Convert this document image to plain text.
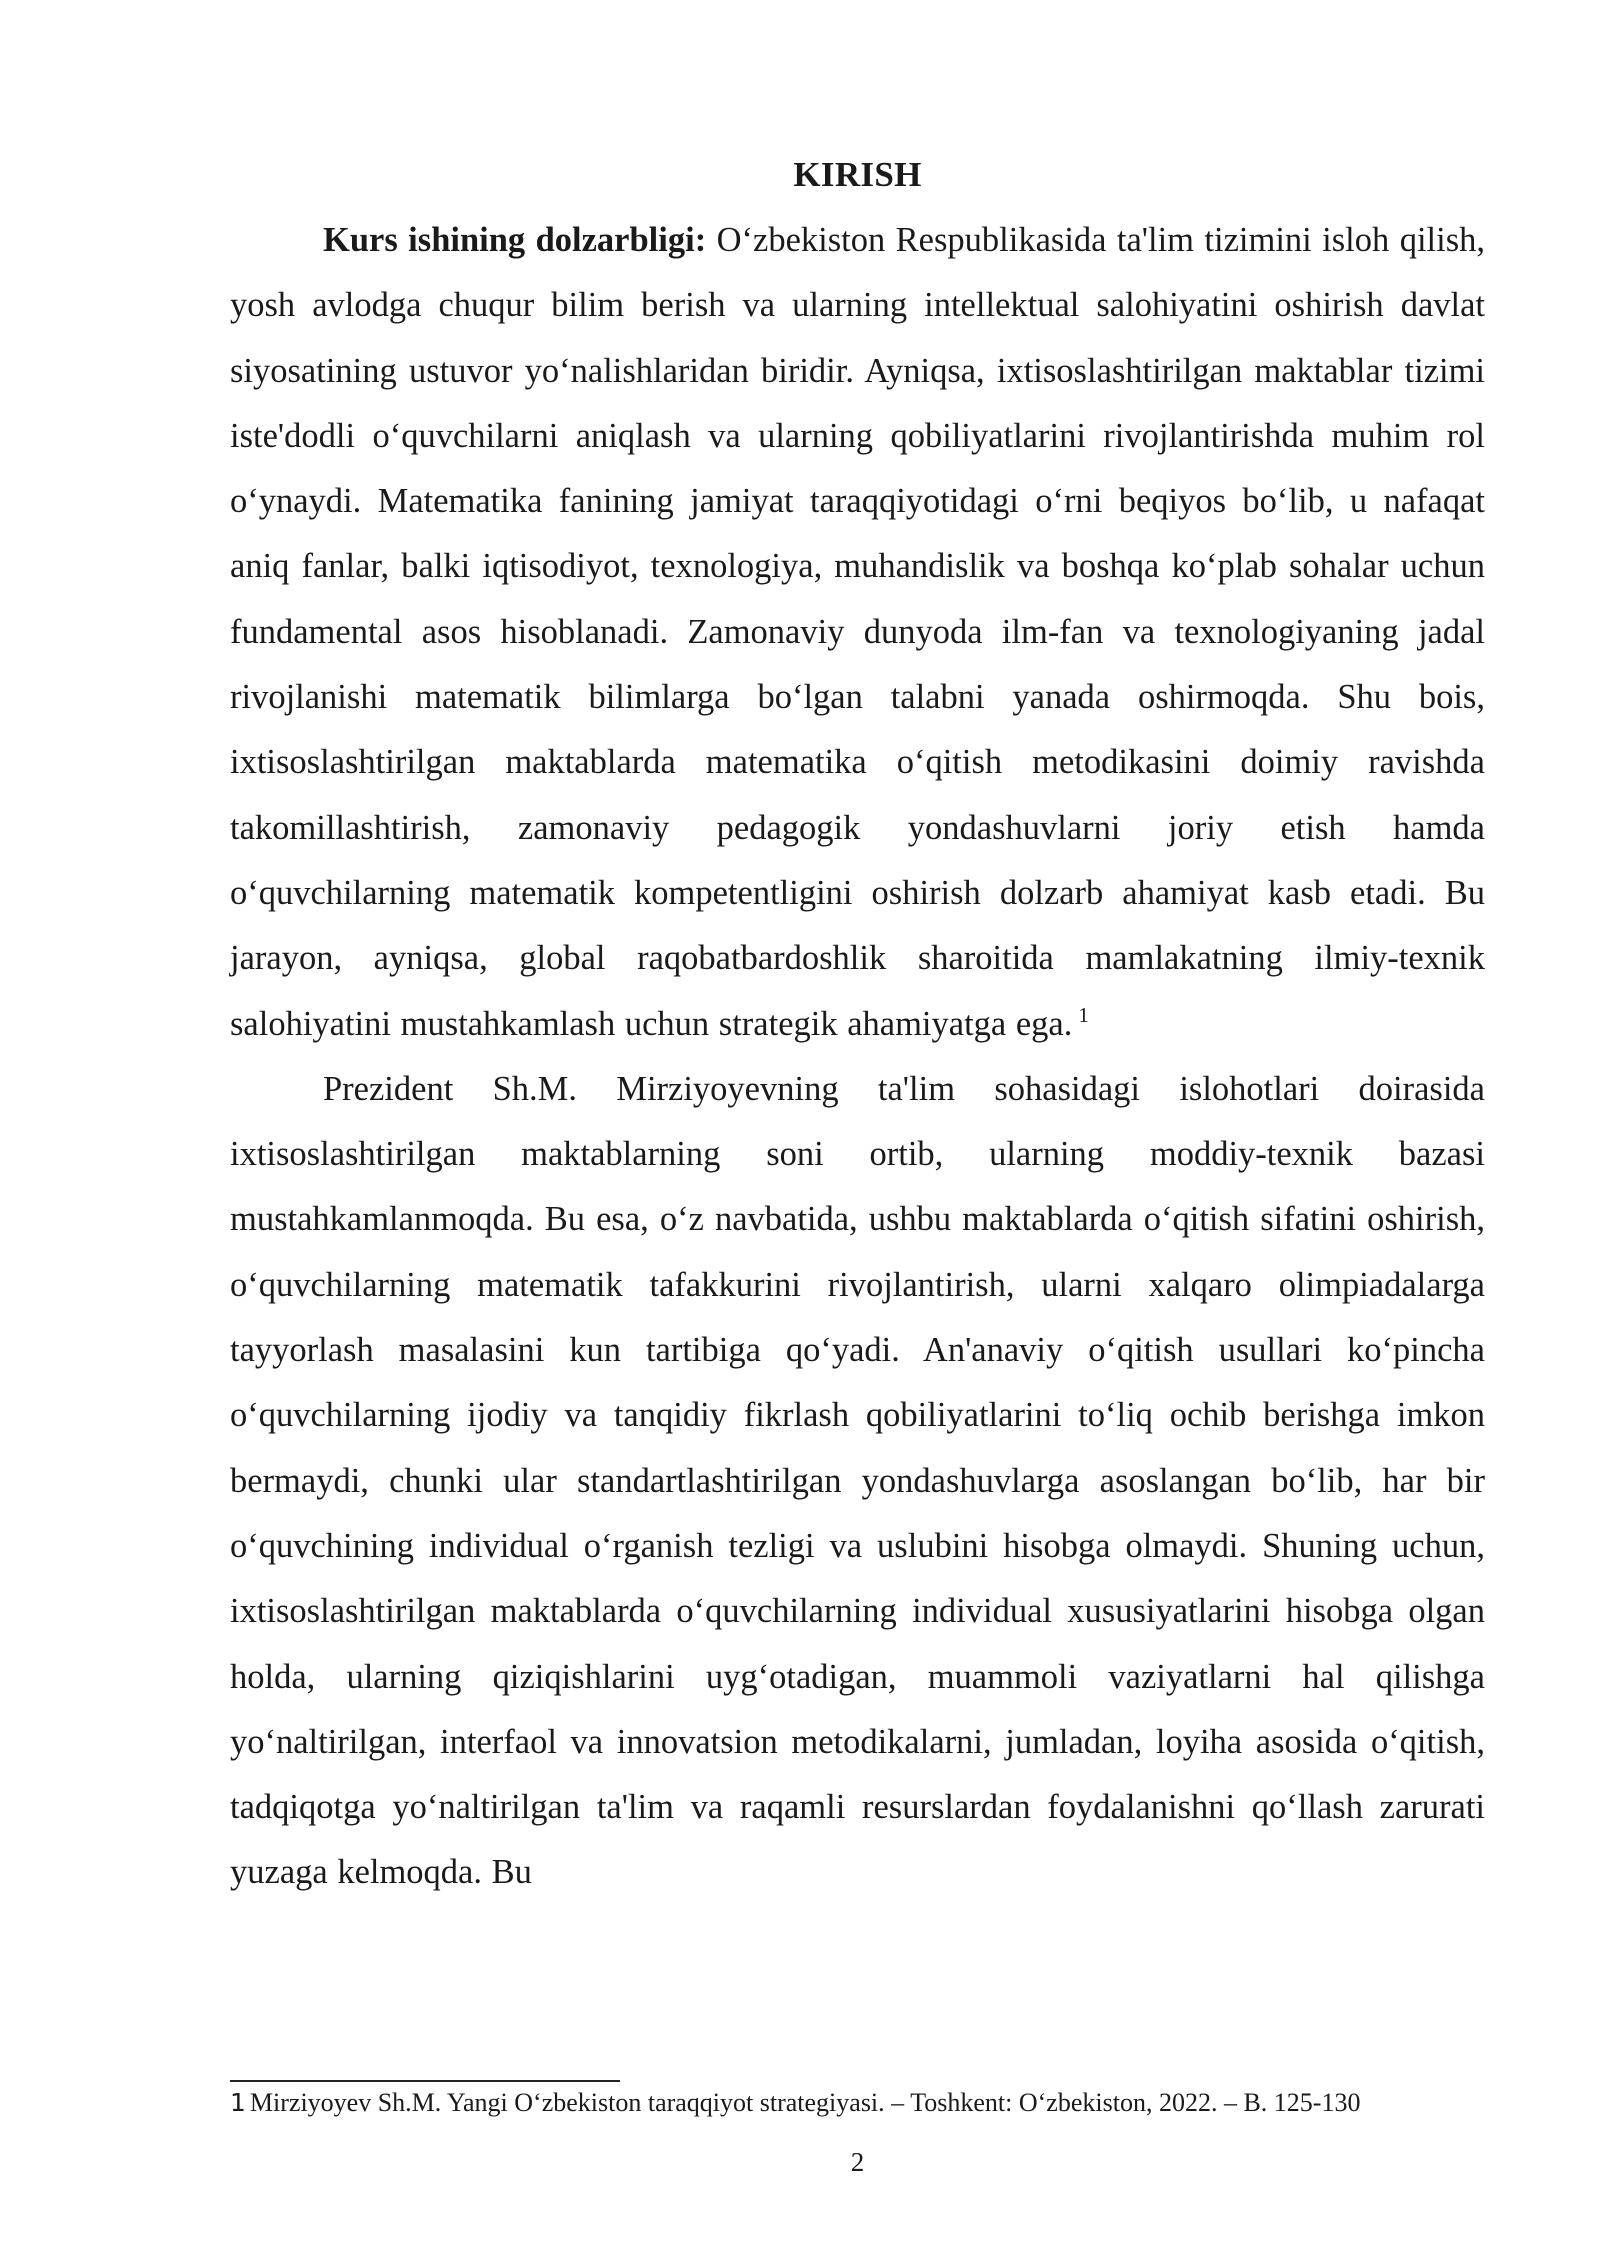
KIRISH

Kurs ishining dolzarbligi: O‘zbekiston Respublikasida ta'lim tizimini isloh qilish, yosh avlodga chuqur bilim berish va ularning intellektual salohiyatini oshirish davlat siyosatining ustuvor yo‘nalishlaridan biridir. Ayniqsa, ixtisoslashtirilgan maktablar tizimi iste'dodli o‘quvchilarni aniqlash va ularning qobiliyatlarini rivojlantirishda muhim rol o‘ynaydi. Matematika fanining jamiyat taraqqiyotidagi o‘rni beqiyos bo‘lib, u nafaqat aniq fanlar, balki iqtisodiyot, texnologiya, muhandislik va boshqa ko‘plab sohalar uchun fundamental asos hisoblanadi. Zamonaviy dunyoda ilm-fan va texnologiyaning jadal rivojlanishi matematik bilimlarga bo‘lgan talabni yanada oshirmoqda. Shu bois, ixtisoslashtirilgan maktablarda matematika o‘qitish metodikasini doimiy ravishda takomillashtirish, zamonaviy pedagogik yondashuvlarni joriy etish hamda o‘quvchilarning matematik kompetentligini oshirish dolzarb ahamiyat kasb etadi. Bu jarayon, ayniqsa, global raqobatbardoshlik sharoitida mamlakatning ilmiy-texnik salohiyatini mustahkamlash uchun strategik ahamiyatga ega. $^1$

Prezident Sh.M. Mirziyoyevning ta'lim sohasidagi islohotlari doirasida ixtisoslashtirilgan maktablarning soni ortib, ularning moddiy-texnik bazasi mustahkamlanmoqda. Bu esa, o‘z navbatida, ushbu maktablarda o‘qitish sifatini oshirish, o‘quvchilarning matematik tafakkurini rivojlantirish, ularni xalqaro olimpiadalarga tayyorlash masalasini kun tartibiga qo‘yadi. An'anaviy o‘qitish usullari ko‘pincha o‘quvchilarning ijodiy va tanqidiy fikrlash qobiliyatlarini to‘liq ochib berishga imkon bermaydi, chunki ular standartlashtirilgan yondashuvlarga asoslangan bo‘lib, har bir o‘quvchining individual o‘rganish tezligi va uslubini hisobga olmaydi. Shuning uchun, ixtisoslashtirilgan maktablarda o‘quvchilarning individual xususiyatlarini hisobga olgan holda, ularning qiziqishlarini uyg‘otadigan, muammoli vaziyatlarni hal qilishga yo‘naltirilgan, interfaol va innovatsion metodikalarni, jumladan, loyiha asosida o‘qitish, tadqiqotga yo‘naltirilgan ta'lim va raqamli resurslardan foydalanishni qo‘llash zarurati yuzaga kelmoqda. Bu

1 Mirziyoyev Sh.M. Yangi O‘zbekiston taraqqiyot strategiyasi. – Toshkent: O‘zbekiston, 2022. – B. 125-130

2
